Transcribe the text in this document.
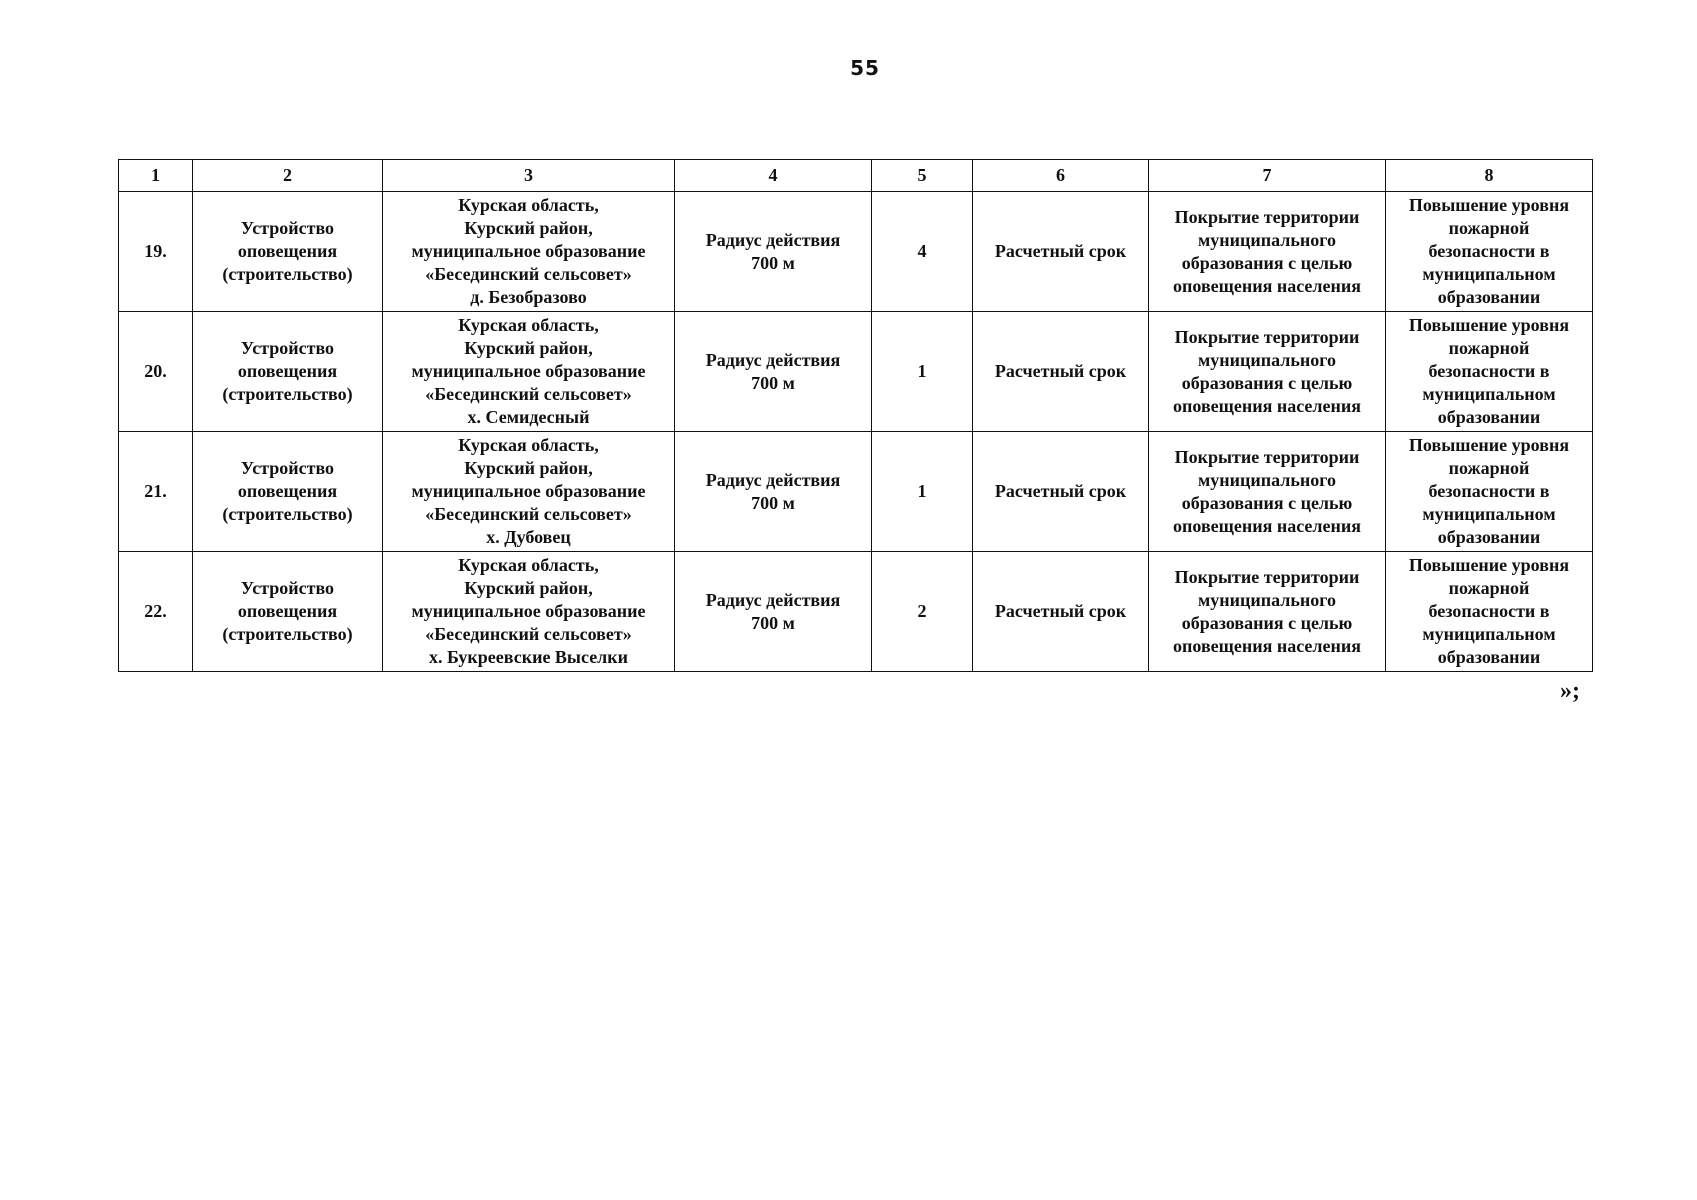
55
1	2	3	4	5	6	7	8
19.	Устройство
оповещения
(строительство)	Курская область,
Курский район,
муниципальное образование
«Бесединский сельсовет»
д. Безобразово	Радиус действия
700 м	4	Расчетный срок	Покрытие территории
муниципального
образования с целью
оповещения населения	Повышение уровня
пожарной
безопасности в
муниципальном
образовании
20.	Устройство
оповещения
(строительство)	Курская область,
Курский район,
муниципальное образование
«Бесединский сельсовет»
х. Семидесный	Радиус действия
700 м	1	Расчетный срок	Покрытие территории
муниципального
образования с целью
оповещения населения	Повышение уровня
пожарной
безопасности в
муниципальном
образовании
21.	Устройство
оповещения
(строительство)	Курская область,
Курский район,
муниципальное образование
«Бесединский сельсовет»
х. Дубовец	Радиус действия
700 м	1	Расчетный срок	Покрытие территории
муниципального
образования с целью
оповещения населения	Повышение уровня
пожарной
безопасности в
муниципальном
образовании
22.	Устройство
оповещения
(строительство)	Курская область,
Курский район,
муниципальное образование
«Бесединский сельсовет»
х. Букреевские Выселки	Радиус действия
700 м	2	Расчетный срок	Покрытие территории
муниципального
образования с целью
оповещения населения	Повышение уровня
пожарной
безопасности в
муниципальном
образовании
»;
